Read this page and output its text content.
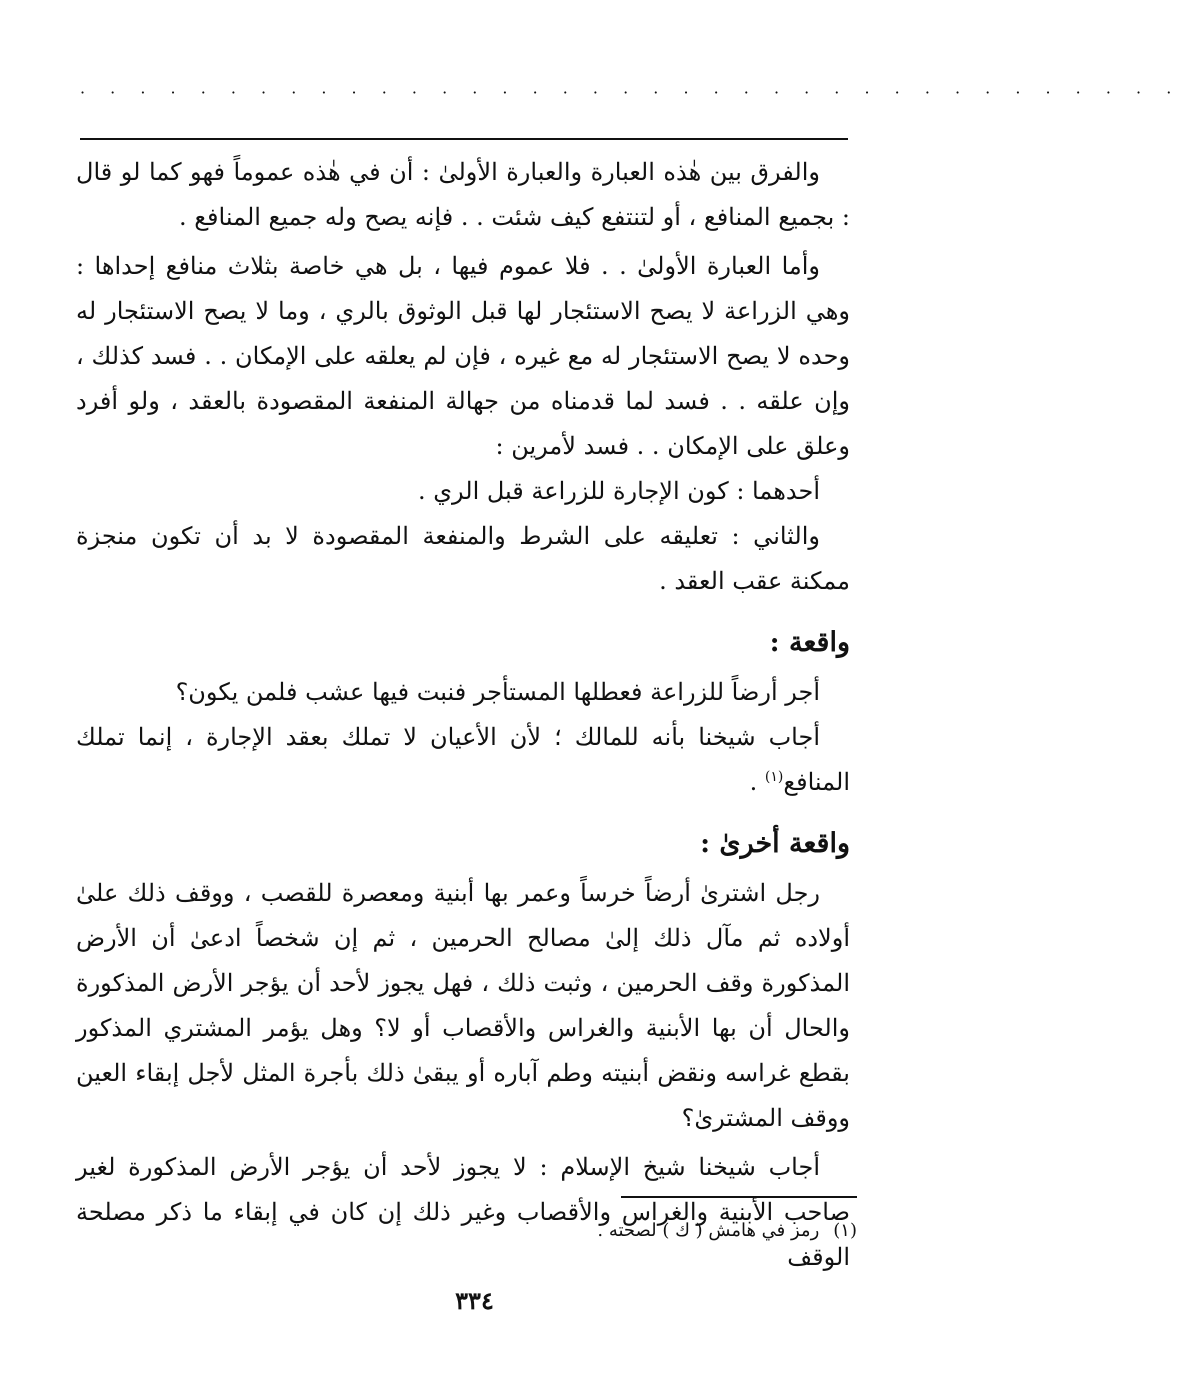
· · · · · · · · · · · · · · · · · · · · · · · · · · · · · · · · · · · · ·

والفرق بين هٰذه العبارة والعبارة الأولىٰ : أن في هٰذه عموماً فهو كما لو قال : بجميع المنافع ، أو لتنتفع كيف شئت . . فإنه يصح وله جميع المنافع .

وأما العبارة الأولىٰ . . فلا عموم فيها ، بل هي خاصة بثلاث منافع إحداها : وهي الزراعة لا يصح الاستئجار لها قبل الوثوق بالري ، وما لا يصح الاستئجار له وحده لا يصح الاستئجار له مع غيره ، فإن لم يعلقه على الإمكان . . فسد كذلك ، وإن علقه . . فسد لما قدمناه من جهالة المنفعة المقصودة بالعقد ، ولو أفرد وعلق على الإمكان . . فسد لأمرين :

أحدهما : كون الإجارة للزراعة قبل الري .

والثاني : تعليقه على الشرط والمنفعة المقصودة لا بد أن تكون منجزة ممكنة عقب العقد .

واقعة :

أجر أرضاً للزراعة فعطلها المستأجر فنبت فيها عشب فلمن يكون؟

أجاب شيخنا بأنه للمالك ؛ لأن الأعيان لا تملك بعقد الإجارة ، إنما تملك المنافع$^{(١)}$ .

واقعة أخرىٰ :

رجل اشترىٰ أرضاً خرساً وعمر بها أبنية ومعصرة للقصب ، ووقف ذلك علىٰ أولاده ثم مآل ذلك إلىٰ مصالح الحرمين ، ثم إن شخصاً ادعىٰ أن الأرض المذكورة وقف الحرمين ، وثبت ذلك ، فهل يجوز لأحد أن يؤجر الأرض المذكورة والحال أن بها الأبنية والغراس والأقصاب أو لا؟ وهل يؤمر المشتري المذكور بقطع غراسه ونقض أبنيته وطم آباره أو يبقىٰ ذلك بأجرة المثل لأجل إبقاء العين ووقف المشترىٰ؟

أجاب شيخنا شيخ الإسلام : لا يجوز لأحد أن يؤجر الأرض المذكورة لغير صاحب الأبنية والغراس والأقصاب وغير ذلك إن كان في إبقاء ما ذكر مصلحة الوقف

(١)رمز في هامش ( ك ) لصحته .
٣٣٤
